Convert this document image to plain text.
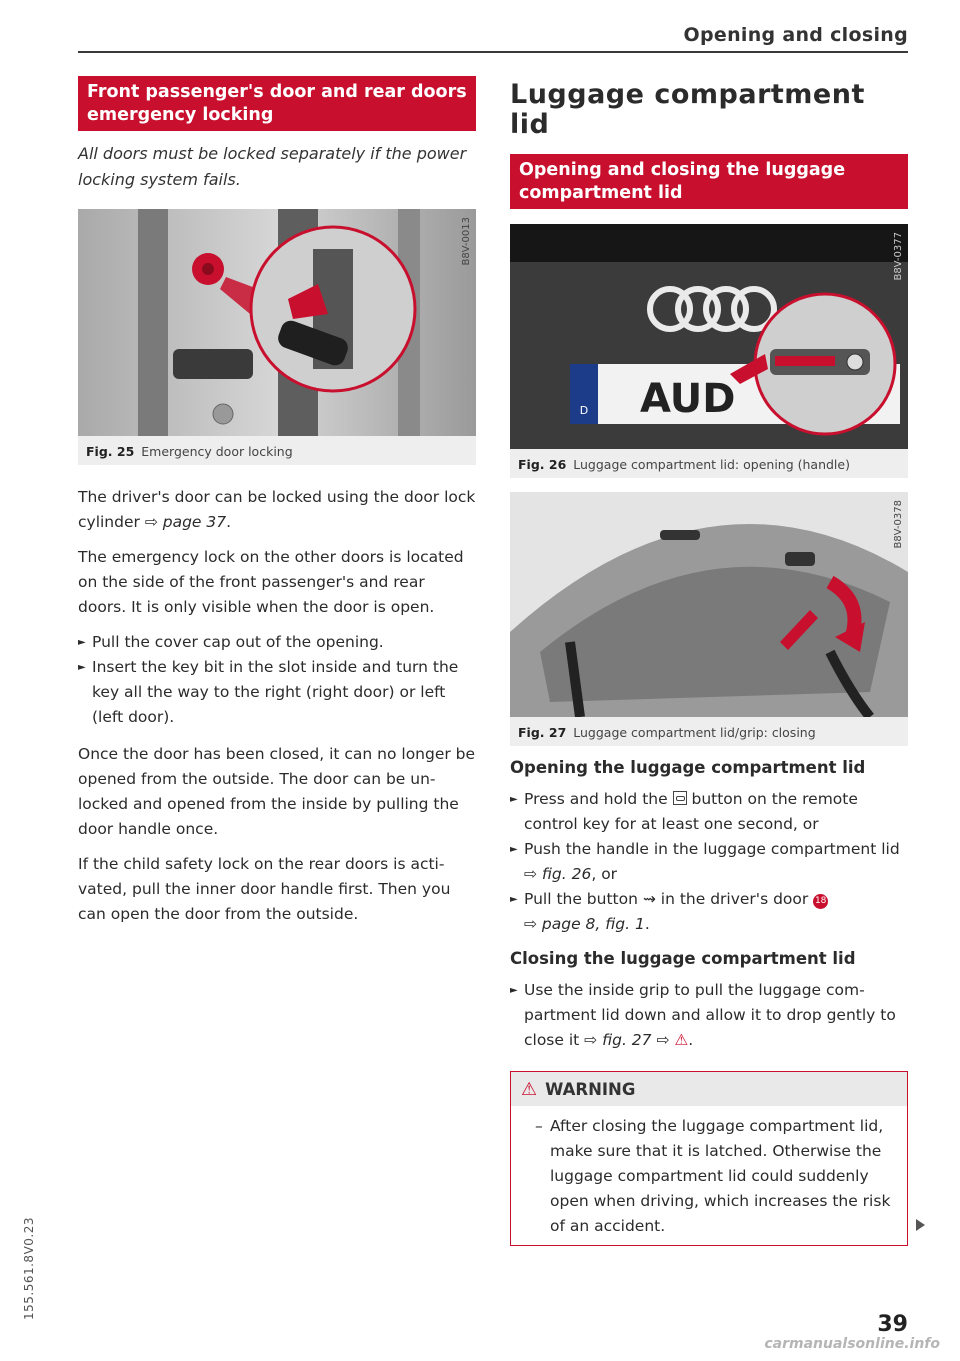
Opening and closing
Front passenger's door and rear doors emergency locking
All doors must be locked separately if the power locking system fails.
B8V-0013
Fig. 25 Emergency door locking

The driver's door can be locked using the door lock cylinder ⇨ page 37.

The emergency lock on the other doors is located on the side of the front passenger's and rear doors. It is only visible when the door is open.

► Pull the cover cap out of the opening.
► Insert the key bit in the slot inside and turn the key all the way to the right (right door) or left (left door).

Once the door has been closed, it can no longer be opened from the outside. The door can be unlocked and opened from the inside by pulling the door handle once.

If the child safety lock on the rear doors is activated, pull the inner door handle first. Then you can open the door from the outside.

Luggage compartment lid
Opening and closing the luggage compartment lid
D AUD
B8V-0377
Fig. 26 Luggage compartment lid: opening (handle)
B8V-0378
Fig. 27 Luggage compartment lid/grip: closing
Opening the luggage compartment lid
► Press and hold the  button on the remote control key for at least one second, or
► Push the handle in the luggage compartment lid ⇨ fig. 26, or
► Pull the button ⇝ in the driver's door 18
⇨ page 8, fig. 1.
Closing the luggage compartment lid
► Use the inside grip to pull the luggage compartment lid down and allow it to drop gently to close it ⇨ fig. 27 ⇨ ⚠.
⚠ WARNING
– After closing the luggage compartment lid, make sure that it is latched. Otherwise the luggage compartment lid could suddenly open when driving, which increases the risk of an accident.
39
155.561.8V0.23
carmanualsonline.info
